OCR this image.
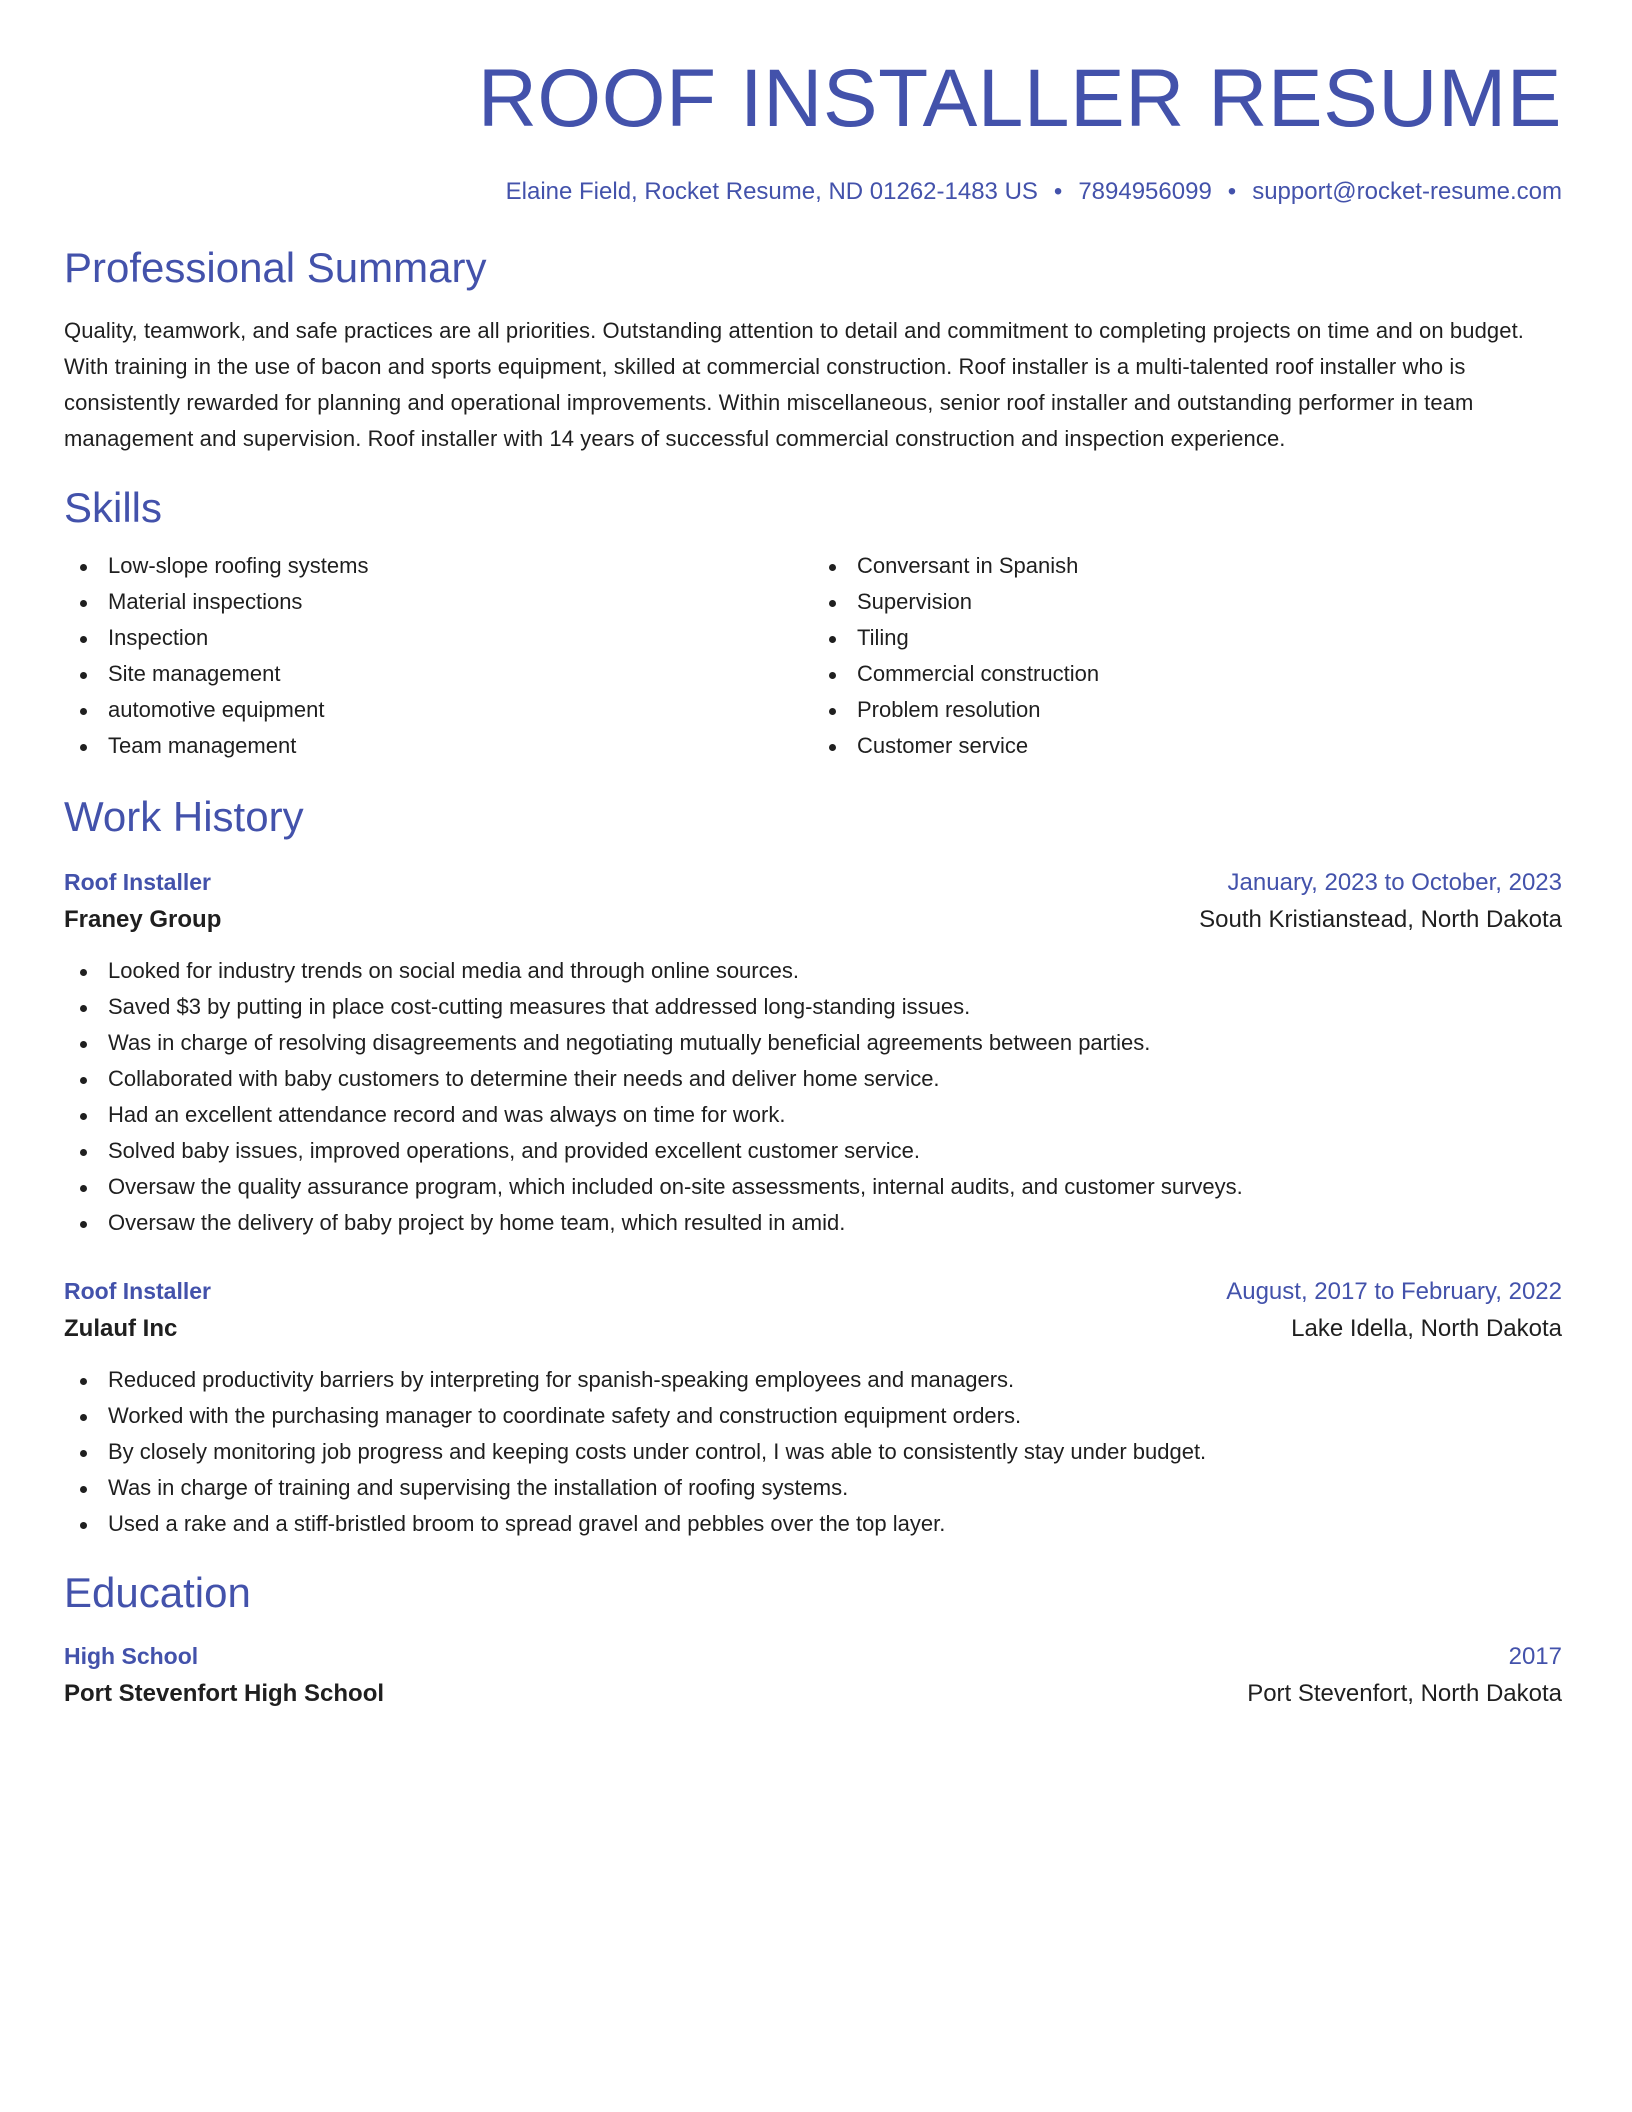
ROOF INSTALLER RESUME
Elaine Field, Rocket Resume, ND 01262-1483 US • 7894956099 • support@rocket-resume.com
Professional Summary

Quality, teamwork, and safe practices are all priorities. Outstanding attention to detail and commitment to completing projects on time and on budget. With training in the use of bacon and sports equipment, skilled at commercial construction. Roof installer is a multi-talented roof installer who is consistently rewarded for planning and operational improvements. Within miscellaneous, senior roof installer and outstanding performer in team management and supervision. Roof installer with 14 years of successful commercial construction and inspection experience.

Skills
Low-slope roofing systems
Material inspections
Inspection
Site management
automotive equipment
Team management
Conversant in Spanish
Supervision
Tiling
Commercial construction
Problem resolution
Customer service
Work History
Roof Installer	January, 2023 to October, 2023
Franey Group	South Kristianstead, North Dakota
Looked for industry trends on social media and through online sources.
Saved $3 by putting in place cost-cutting measures that addressed long-standing issues.
Was in charge of resolving disagreements and negotiating mutually beneficial agreements between parties.
Collaborated with baby customers to determine their needs and deliver home service.
Had an excellent attendance record and was always on time for work.
Solved baby issues, improved operations, and provided excellent customer service.
Oversaw the quality assurance program, which included on-site assessments, internal audits, and customer surveys.
Oversaw the delivery of baby project by home team, which resulted in amid.
Roof Installer	August, 2017 to February, 2022
Zulauf Inc	Lake Idella, North Dakota
Reduced productivity barriers by interpreting for spanish-speaking employees and managers.
Worked with the purchasing manager to coordinate safety and construction equipment orders.
By closely monitoring job progress and keeping costs under control, I was able to consistently stay under budget.
Was in charge of training and supervising the installation of roofing systems.
Used a rake and a stiff-bristled broom to spread gravel and pebbles over the top layer.
Education
High School	2017
Port Stevenfort High School	Port Stevenfort, North Dakota
